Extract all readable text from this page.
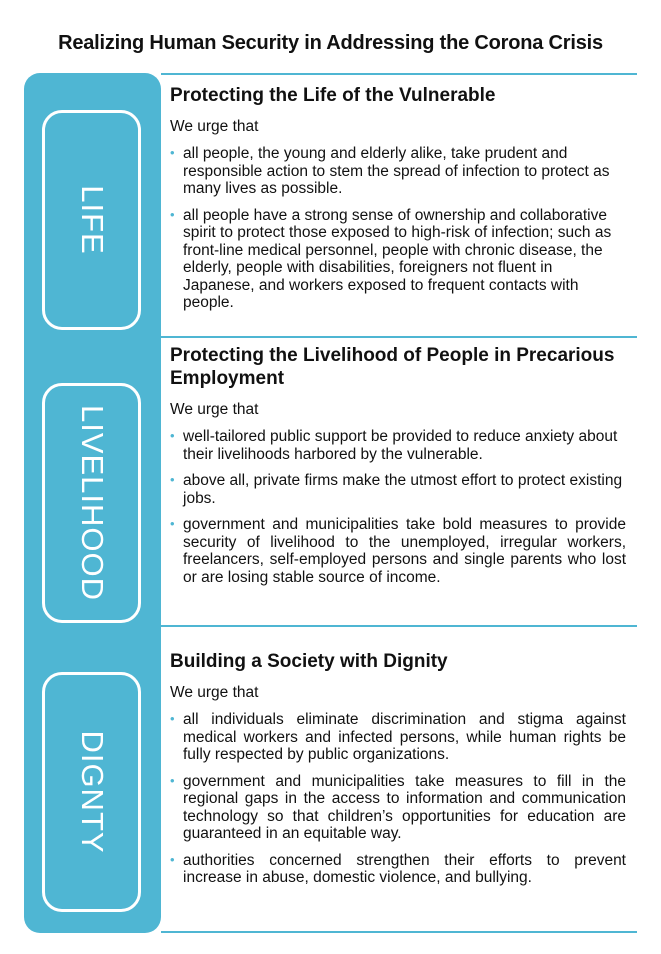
Realizing Human Security in Addressing the Corona Crisis
LIFE
LIVELIHOOD
DIGNTY
Protecting the Life of the Vulnerable

We urge that

• all people, the young and elderly alike, take prudent and responsible action to stem the spread of infection to protect as many lives as possible.
• all people have a strong sense of ownership and collaborative spirit to protect those exposed to high-risk of infection; such as front-line medical personnel, people with chronic disease, the elderly, people with disabilities, foreigners not fluent in Japanese, and workers exposed to frequent contacts with people.
Protecting the Livelihood of People in Precarious Employment

We urge that

• well-tailored public support be provided to reduce anxiety about their livelihoods harbored by the vulnerable.
• above all, private firms make the utmost effort to protect existing jobs.
• government and municipalities take bold measures to provide security of livelihood to the unemployed, irregular workers, freelancers, self-employed persons and single parents who lost or are losing stable source of income.
Building a Society with Dignity

We urge that

• all individuals eliminate discrimination and stigma against medical workers and infected persons, while human rights be fully respected by public organizations.
• government and municipalities take measures to fill in the regional gaps in the access to information and communication technology so that children’s opportunities for education are guaranteed in an equitable way.
• authorities concerned strengthen their efforts to prevent increase in abuse, domestic violence, and bullying.
